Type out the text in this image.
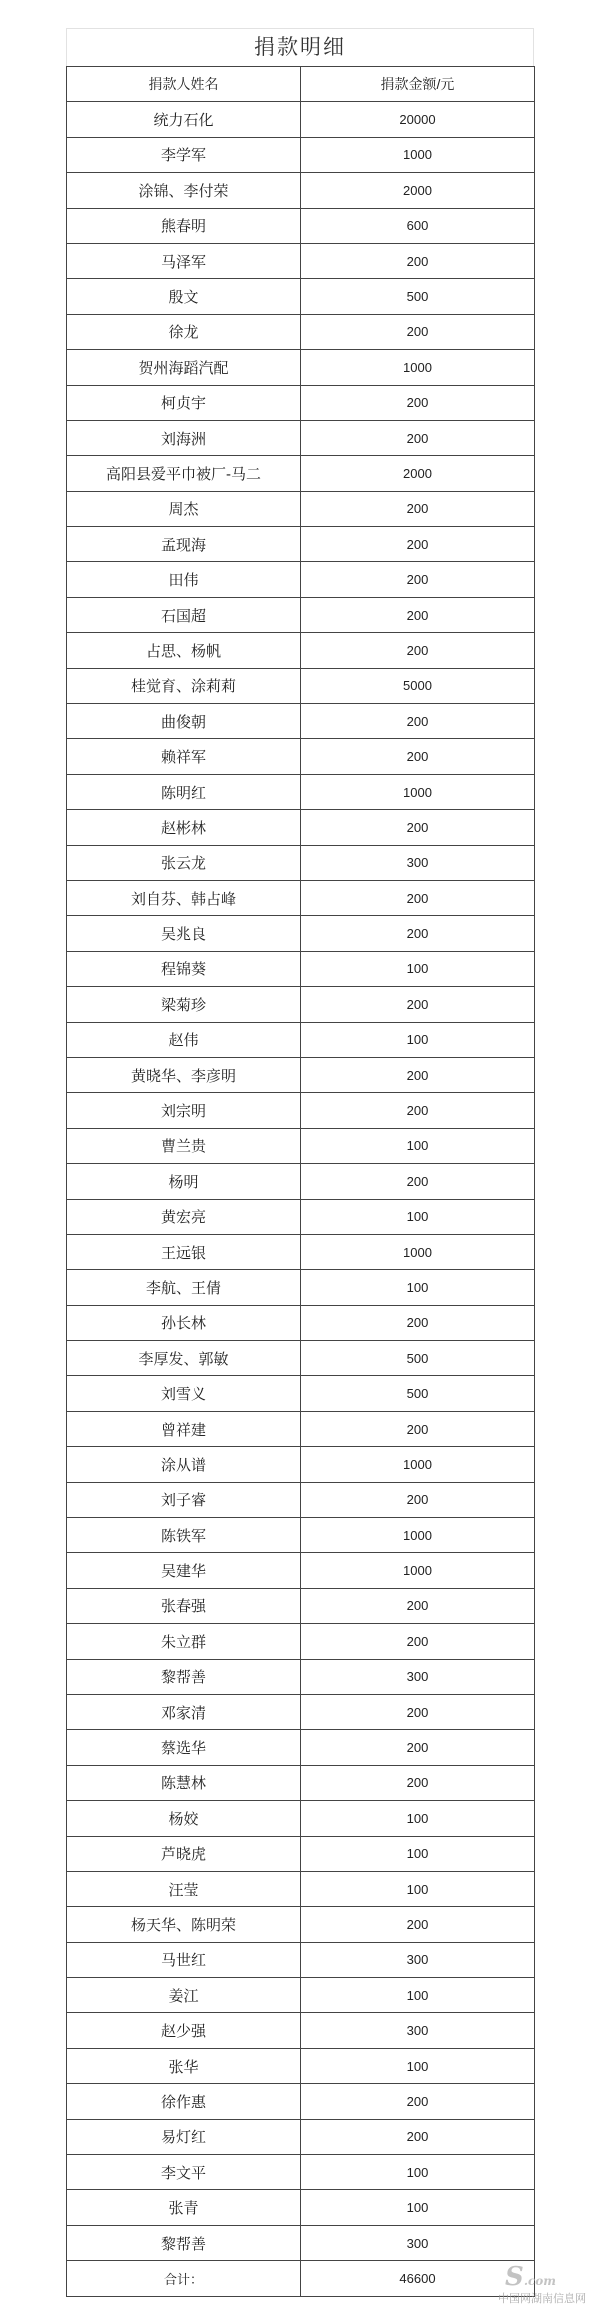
捐款明细
捐款人姓名	捐款金额/元
统力石化	20000
李学军	1000
涂锦、李付荣	2000
熊春明	600
马泽军	200
殷文	500
徐龙	200
贺州海蹈汽配	1000
柯贞宇	200
刘海洲	200
高阳县爱平巾被厂-马二	2000
周杰	200
孟现海	200
田伟	200
石国超	200
占思、杨帆	200
桂觉育、涂莉莉	5000
曲俊朝	200
赖祥军	200
陈明红	1000
赵彬林	200
张云龙	300
刘自芬、韩占峰	200
吴兆良	200
程锦葵	100
梁菊珍	200
赵伟	100
黄晓华、李彦明	200
刘宗明	200
曹兰贵	100
杨明	200
黄宏亮	100
王远银	1000
李航、王倩	100
孙长林	200
李厚发、郭敏	500
刘雪义	500
曾祥建	200
涂从谱	1000
刘子睿	200
陈铁军	1000
吴建华	1000
张春强	200
朱立群	200
黎帮善	300
邓家清	200
蔡选华	200
陈慧林	200
杨姣	100
芦晓虎	100
汪莹	100
杨天华、陈明荣	200
马世红	300
姜江	100
赵少强	300
张华	100
徐作惠	200
易灯红	200
李文平	100
张青	100
黎帮善	300
合计：	46600	S.com
中国网湖南信息网
